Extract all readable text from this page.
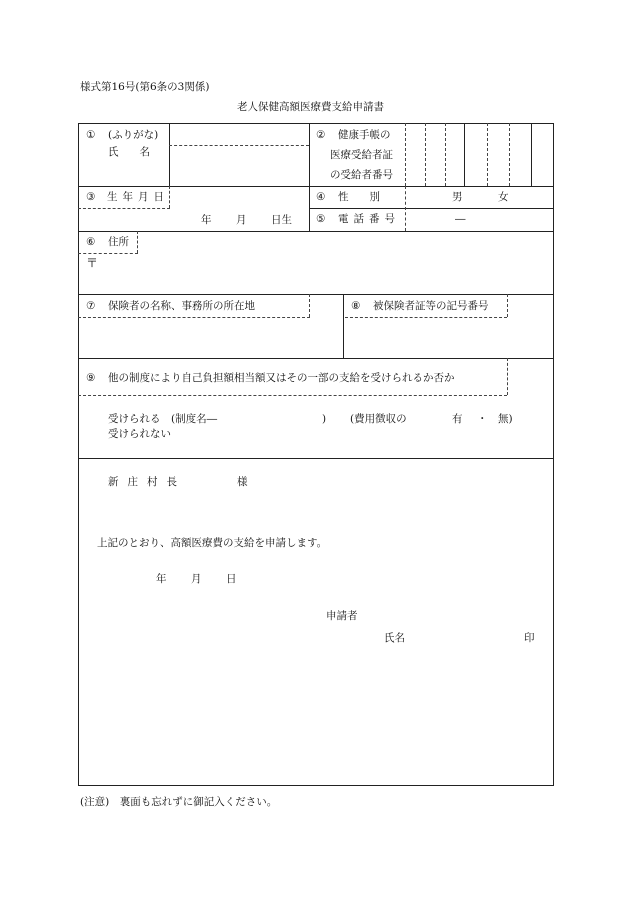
様式第16号(第6条の3関係)
老人保健高額医療費支給申請書
① (ふりがな)
氏　　名
② 健康手帳の
医療受給者証
の受給者番号
③ 生年月日
年 月 日生
④ 性　　別	男	女
⑤ 電話番号	―
⑥ 住所
〒
⑦ 保険者の名称、事務所の所在地	⑧ 被保険者証等の記号番号
⑨ 他の制度により自己負担額相当額又はその一部の支給を受けられるか否か
受けられる (制度名―	) (費用徴収の	有 ・ 無)
受けられない
新庄村長	様
上記のとおり、高額医療費の支給を申請します。
年 月 日
申請者
氏名	印
(注意)　裏面も忘れずに御記入ください。
